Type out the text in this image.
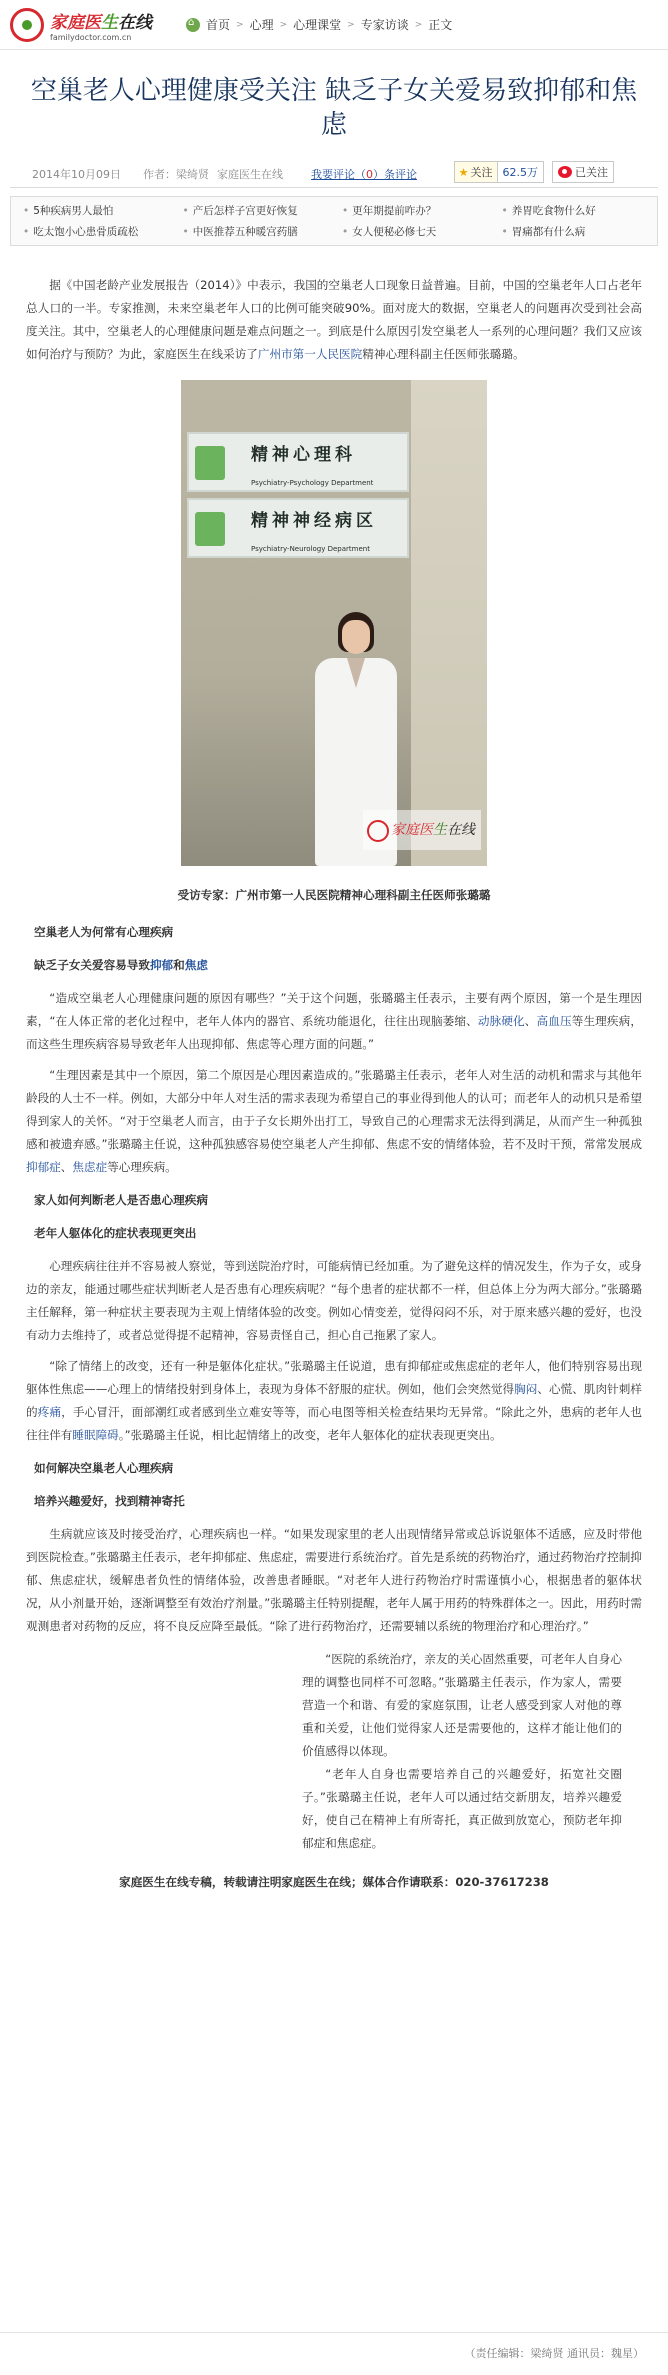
家庭医生在线
familydoctor.com.cn
⌂
首页 > 心理 > 心理课堂 > 专家访谈 > 正文
空巢老人心理健康受关注 缺乏子女关爱易致抑郁和焦虑
2014年10月09日 作者：梁绮贤 家庭医生在线	我要评论（0）条评论	★ 关注 62.5万	已关注
• 5种疾病男人最怕	• 产后怎样子宫更好恢复	• 更年期提前咋办？	• 养胃吃食物什么好
• 吃太饱小心患骨质疏松	• 中医推荐五种暖宫药膳	• 女人便秘必修七天	• 胃痛都有什么病

据《中国老龄产业发展报告（2014）》中表示，我国的空巢老人口现象日益普遍。目前，中国的空巢老年人口占老年总人口的一半。专家推测，未来空巢老年人口的比例可能突破90%。面对庞大的数据，空巢老人的问题再次受到社会高度关注。其中，空巢老人的心理健康问题是难点问题之一。到底是什么原因引发空巢老人一系列的心理问题？我们又应该如何治疗与预防？为此，家庭医生在线采访了广州市第一人民医院精神心理科副主任医师张璐璐。

精神心理科
Psychiatry-Psychology Department
精神神经病区
Psychiatry-Neurology Department
家庭医生在线
受访专家：广州市第一人民医院精神心理科副主任医师张璐璐
空巢老人为何常有心理疾病
缺乏子女关爱容易导致抑郁和焦虑

“造成空巢老人心理健康问题的原因有哪些？”关于这个问题，张璐璐主任表示，主要有两个原因，第一个是生理因素，“在人体正常的老化过程中，老年人体内的器官、系统功能退化，往往出现脑萎缩、动脉硬化、高血压等生理疾病，而这些生理疾病容易导致老年人出现抑郁、焦虑等心理方面的问题。”

“生理因素是其中一个原因，第二个原因是心理因素造成的。”张璐璐主任表示，老年人对生活的动机和需求与其他年龄段的人士不一样。例如，大部分中年人对生活的需求表现为希望自己的事业得到他人的认可；而老年人的动机只是希望得到家人的关怀。“对于空巢老人而言，由于子女长期外出打工，导致自己的心理需求无法得到满足，从而产生一种孤独感和被遗弃感。”张璐璐主任说，这种孤独感容易使空巢老人产生抑郁、焦虑不安的情绪体验，若不及时干预，常常发展成抑郁症、焦虑症等心理疾病。

家人如何判断老人是否患心理疾病
老年人躯体化的症状表现更突出

心理疾病往往并不容易被人察觉，等到送院治疗时，可能病情已经加重。为了避免这样的情况发生，作为子女，或身边的亲友，能通过哪些症状判断老人是否患有心理疾病呢？“每个患者的症状都不一样，但总体上分为两大部分。”张璐璐主任解释，第一种症状主要表现为主观上情绪体验的改变。例如心情变差，觉得闷闷不乐，对于原来感兴趣的爱好，也没有动力去维持了，或者总觉得提不起精神，容易责怪自己，担心自己拖累了家人。

“除了情绪上的改变，还有一种是躯体化症状。”张璐璐主任说道，患有抑郁症或焦虑症的老年人，他们特别容易出现躯体性焦虑——心理上的情绪投射到身体上，表现为身体不舒服的症状。例如，他们会突然觉得胸闷、心慌、肌肉针刺样的疼痛，手心冒汗，面部潮红或者感到坐立难安等等，而心电图等相关检查结果均无异常。“除此之外，患病的老年人也往往伴有睡眠障碍。”张璐璐主任说，相比起情绪上的改变，老年人躯体化的症状表现更突出。

如何解决空巢老人心理疾病
培养兴趣爱好，找到精神寄托

生病就应该及时接受治疗，心理疾病也一样。“如果发现家里的老人出现情绪异常或总诉说躯体不适感，应及时带他到医院检查。”张璐璐主任表示，老年抑郁症、焦虑症，需要进行系统治疗。首先是系统的药物治疗，通过药物治疗控制抑郁、焦虑症状，缓解患者负性的情绪体验，改善患者睡眠。“对老年人进行药物治疗时需谨慎小心，根据患者的躯体状况，从小剂量开始，逐渐调整至有效治疗剂量。”张璐璐主任特别提醒，老年人属于用药的特殊群体之一。因此，用药时需观测患者对药物的反应，将不良反应降至最低。“除了进行药物治疗，还需要辅以系统的物理治疗和心理治疗。”

“医院的系统治疗，亲友的关心固然重要，可老年人自身心理的调整也同样不可忽略。”张璐璐主任表示，作为家人，需要营造一个和谐、有爱的家庭氛围，让老人感受到家人对他的尊重和关爱，让他们觉得家人还是需要他的，这样才能让他们的价值感得以体现。

“老年人自身也需要培养自己的兴趣爱好，拓宽社交圈子。”张璐璐主任说，老年人可以通过结交新朋友，培养兴趣爱好，使自己在精神上有所寄托，真正做到放宽心，预防老年抑郁症和焦虑症。

家庭医生在线专稿，转载请注明家庭医生在线；媒体合作请联系：020-37617238
（责任编辑：梁绮贤 通讯员：魏星）
